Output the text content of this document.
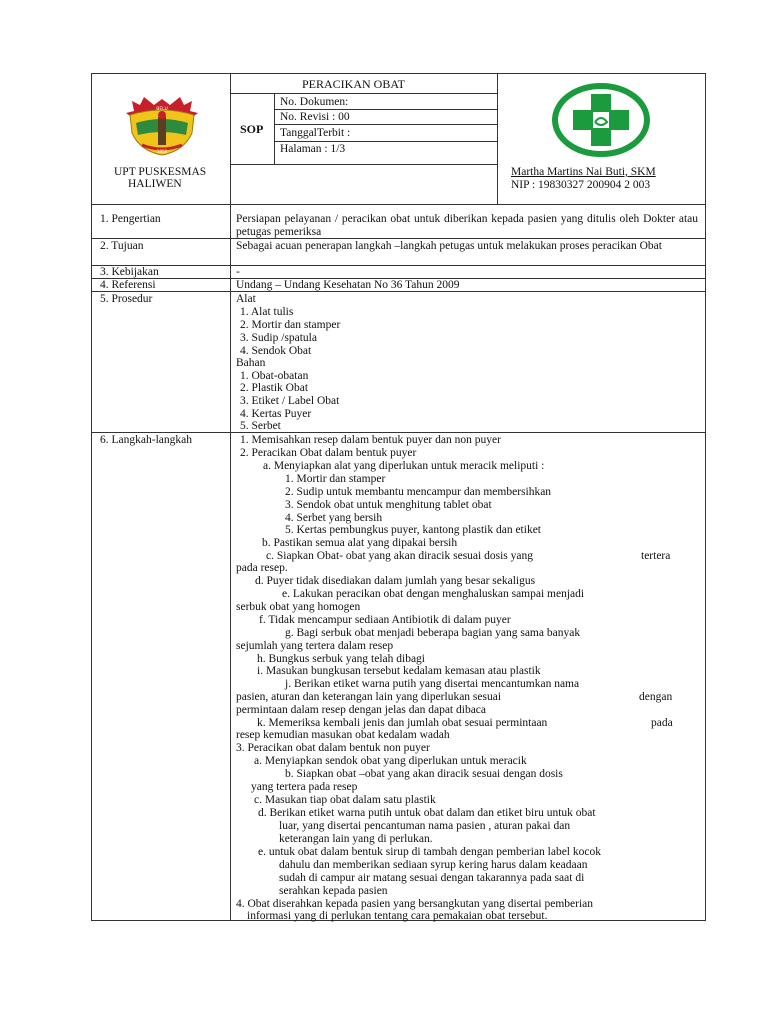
BELU
1958
UPT PUSKESMAS
HALIWEN
PERACIKAN OBAT
SOP
No. Dokumen:
No. Revisi : 00
TanggalTerbit :
Halaman : 1/3
Martha Martins Nai Buti, SKM
NIP : 19830327 200904 2 003
1. Pengertian	Persiapan pelayanan / peracikan obat untuk diberikan kepada pasien yang ditulis oleh Dokter atau petugas pemeriksa
2. Tujuan	Sebagai acuan penerapan langkah –langkah petugas untuk melakukan proses peracikan Obat
3. Kebijakan	-
4. Referensi	Undang – Undang Kesehatan No 36 Tahun 2009
5. Prosedur	Alat
1. Alat tulis
2. Mortir dan stamper
3. Sudip /spatula
4. Sendok Obat
Bahan
1. Obat-obatan
2. Plastik Obat
3. Etiket / Label Obat
4. Kertas Puyer
5. Serbet
6. Langkah-langkah	1. Memisahkan resep dalam bentuk puyer dan non puyer
2. Peracikan Obat dalam bentuk puyer
a. Menyiapkan alat yang diperlukan untuk meracik meliputi :
1. Mortir dan stamper
2. Sudip untuk membantu mencampur dan membersihkan
3. Sendok obat untuk menghitung tablet obat
4. Serbet yang bersih
5. Kertas pembungkus puyer, kantong plastik dan etiket
b. Pastikan semua alat yang dipakai bersih
c. Siapkan Obat- obat yang akan diracik sesuai dosis yang	tertera
pada resep.
d. Puyer tidak disediakan dalam jumlah yang besar sekaligus
e. Lakukan peracikan obat dengan menghaluskan sampai menjadi
serbuk obat yang homogen
f. Tidak mencampur sediaan Antibiotik di dalam puyer
g. Bagi serbuk obat menjadi beberapa bagian yang sama banyak
sejumlah yang tertera dalam resep
h. Bungkus serbuk yang telah dibagi
i. Masukan bungkusan tersebut kedalam kemasan atau plastik
j. Berikan etiket warna putih yang disertai mencantumkan nama
pasien, aturan dan keterangan lain yang diperlukan sesuai	dengan
permintaan dalam resep dengan jelas dan dapat dibaca
k. Memeriksa kembali jenis dan jumlah obat sesuai permintaan	pada
resep kemudian masukan obat kedalam wadah
3. Peracikan obat dalam bentuk non puyer
a. Menyiapkan sendok obat yang diperlukan untuk meracik
b. Siapkan obat –obat yang akan diracik sesuai dengan dosis
yang tertera pada resep
c. Masukan tiap obat dalam satu plastik
d. Berikan etiket warna putih untuk obat dalam dan etiket biru untuk obat
luar, yang disertai pencantuman nama pasien , aturan pakai dan
keterangan lain yang di perlukan.
e. untuk obat dalam bentuk sirup di tambah dengan pemberian label kocok
dahulu dan memberikan sediaan syrup kering harus dalam keadaan
sudah di campur air matang sesuai dengan takarannya pada saat di
serahkan kepada pasien
4. Obat diserahkan kepada pasien yang bersangkutan yang disertai pemberian
informasi yang di perlukan tentang cara pemakaian obat tersebut.
